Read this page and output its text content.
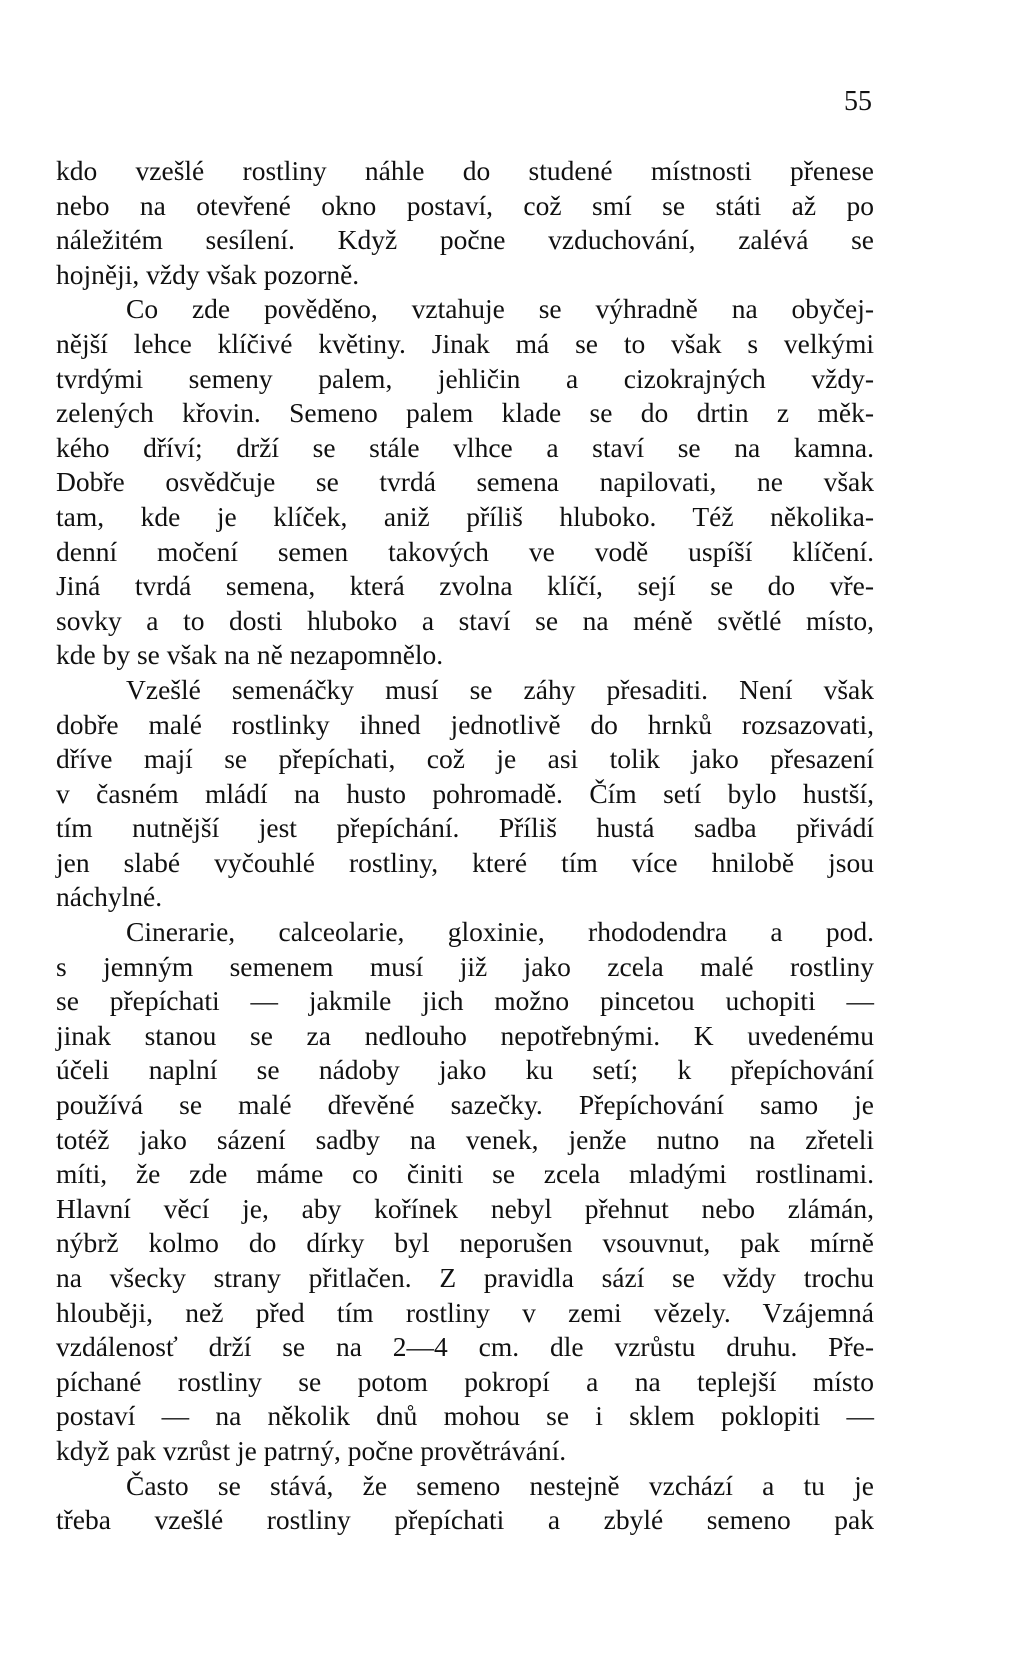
55
kdo vzešlé rostliny náhle do studené místnosti přenese
nebo na otevřené okno postaví, což smí se státi až po
náležitém sesílení. Když počne vzduchování, zalévá se
hojněji, vždy však pozorně.
Co zde pověděno, vztahuje se výhradně na obyčej-
nější lehce klíčivé květiny. Jinak má se to však s velkými
tvrdými semeny palem, jehličin a cizokrajných vždy-
zelených křovin. Semeno palem klade se do drtin z měk-
kého dříví; drží se stále vlhce a staví se na kamna.
Dobře osvědčuje se tvrdá semena napilovati, ne však
tam, kde je klíček, aniž příliš hluboko. Též několika-
denní močení semen takových ve vodě uspíší klíčení.
Jiná tvrdá semena, která zvolna klíčí, sejí se do vře-
sovky a to dosti hluboko a staví se na méně světlé místo,
kde by se však na ně nezapomnělo.
Vzešlé semenáčky musí se záhy přesaditi. Není však
dobře malé rostlinky ihned jednotlivě do hrnků rozsazovati,
dříve mají se přepíchati, což je asi tolik jako přesazení
v časném mládí na husto pohromadě. Čím setí bylo hustší,
tím nutnější jest přepíchání. Příliš hustá sadba přivádí
jen slabé vyčouhlé rostliny, které tím více hnilobě jsou
náchylné.
Cinerarie, calceolarie, gloxinie, rhododendra a pod.
s jemným semenem musí již jako zcela malé rostliny
se přepíchati — jakmile jich možno pincetou uchopiti —
jinak stanou se za nedlouho nepotřebnými. K uvedenému
účeli naplní se nádoby jako ku setí; k přepíchování
používá se malé dřevěné sazečky. Přepíchování samo je
totéž jako sázení sadby na venek, jenže nutno na zřeteli
míti, že zde máme co činiti se zcela mladými rostlinami.
Hlavní věcí je, aby kořínek nebyl přehnut nebo zlámán,
nýbrž kolmo do dírky byl neporušen vsouvnut, pak mírně
na všecky strany přitlačen. Z pravidla sází se vždy trochu
hlouběji, než před tím rostliny v zemi vězely. Vzájemná
vzdálenosť drží se na 2—4 cm. dle vzrůstu druhu. Pře-
píchané rostliny se potom pokropí a na teplejší místo
postaví — na několik dnů mohou se i sklem poklopiti —
když pak vzrůst je patrný, počne provětrávání.
Často se stává, že semeno nestejně vzchází a tu je
třeba vzešlé rostliny přepíchati a zbylé semeno pak
